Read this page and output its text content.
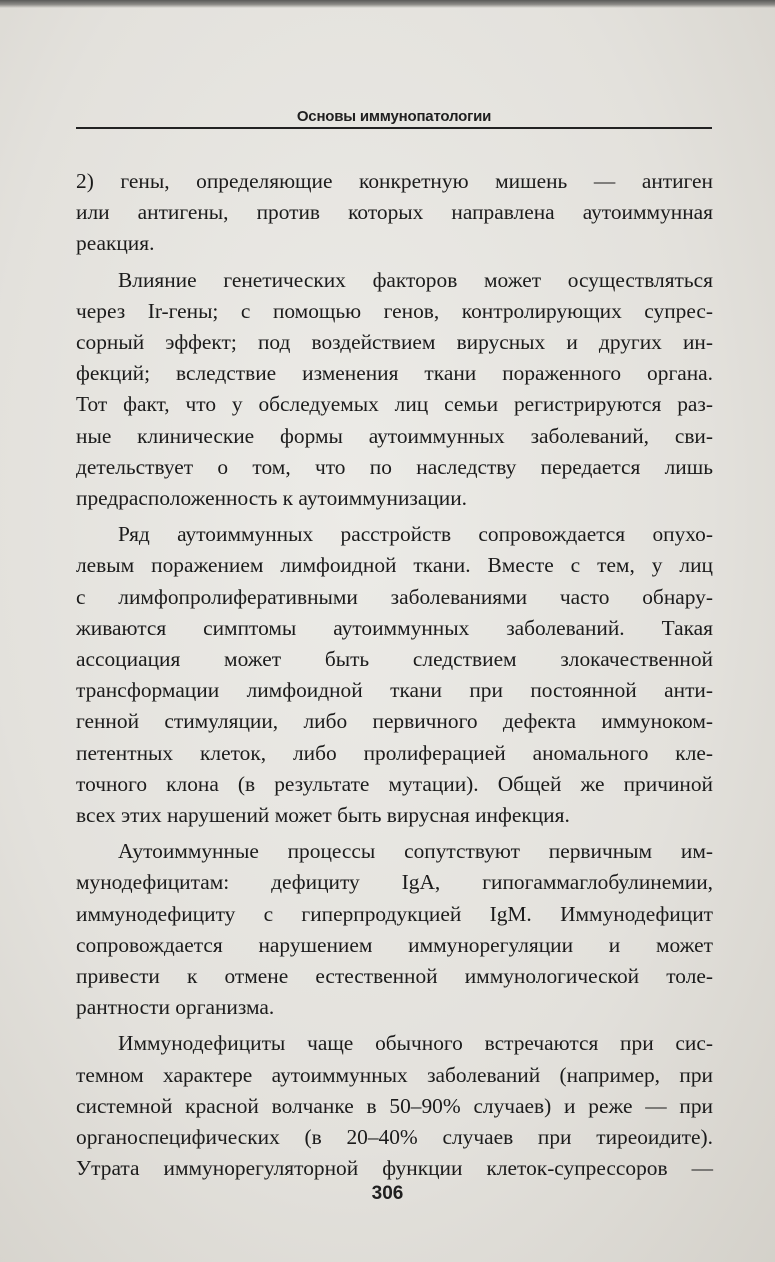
Основы иммунопатологии
2) гены, определяющие конкретную мишень — антиген
или антигены, против которых направлена аутоиммунная
реакция.
Влияние генетических факторов может осуществляться
через Ir-гены; с помощью генов, контролирующих супрес-
сорный эффект; под воздействием вирусных и других ин-
фекций; вследствие изменения ткани пораженного органа.
Тот факт, что у обследуемых лиц семьи регистрируются раз-
ные клинические формы аутоиммунных заболеваний, сви-
детельствует о том, что по наследству передается лишь
предрасположенность к аутоиммунизации.
Ряд аутоиммунных расстройств сопровождается опухо-
левым поражением лимфоидной ткани. Вместе с тем, у лиц
с лимфопролиферативными заболеваниями часто обнару-
живаются симптомы аутоиммунных заболеваний. Такая
ассоциация может быть следствием злокачественной
трансформации лимфоидной ткани при постоянной анти-
генной стимуляции, либо первичного дефекта иммуноком-
петентных клеток, либо пролиферацией аномального кле-
точного клона (в результате мутации). Общей же причиной
всех этих нарушений может быть вирусная инфекция.
Аутоиммунные процессы сопутствуют первичным им-
мунодефицитам: дефициту IgA, гипогаммаглобулинемии,
иммунодефициту с гиперпродукцией IgM. Иммунодефицит
сопровождается нарушением иммунорегуляции и может
привести к отмене естественной иммунологической толе-
рантности организма.
Иммунодефициты чаще обычного встречаются при сис-
темном характере аутоиммунных заболеваний (например, при
системной красной волчанке в 50–90% случаев) и реже — при
органоспецифических (в 20–40% случаев при тиреоидите).
Утрата иммунорегуляторной функции клеток-супрессоров —
306
